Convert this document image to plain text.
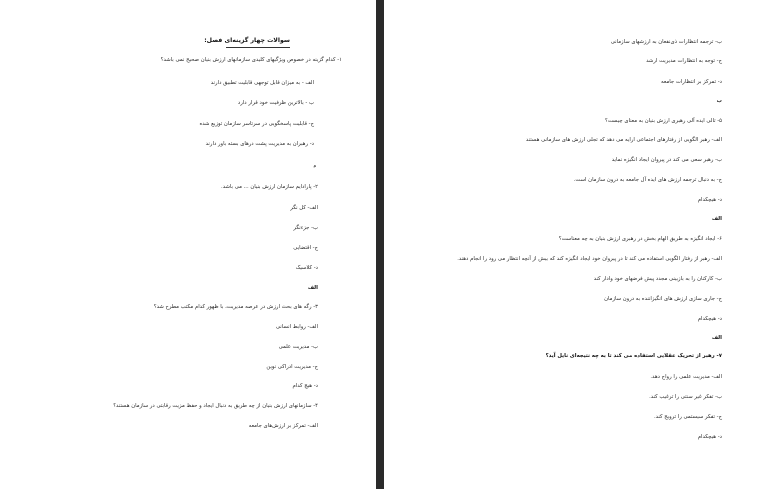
سوالات چهار گزینه‌ای فصل:
۱- کدام گزینه در خصوص ویژگیهای کلیدی سازمانهای ارزش بنیان صحیح نمی باشد؟
الف - به میزان قابل توجهی قابلیت تطبیق دارند
ب - بالاترین ظرفیت خود قرار دارد
ج- قابلیت پاسخگویی در سرتاسر سازمان توزیع شده
د- رهبران به مدیریت پشت درهای بسته باور دارند
د
۲- پارادایم سازمان ارزش بنیان ... می باشد.
الف- کل نگر
ب- جزءنگر
ج- اقتضایی
د- کلاسیک
الف
۳- رگه های بحث ارزش در عرصه مدیریت، با ظهور کدام مکتب مطرح شد؟
الف- روابط انسانی
ب- مدیریت علمی
ج- مدیریت ادراکی نوین
د- هیچ کدام
۴- سازمانهای ارزش بنیان از چه طریق به دنبال ایجاد و حفظ مزیت رقابتی در سازمان هستند؟
الف- تمرکز بر ارزش‌های جامعه
ب- ترجمه انتظارات ذی‌نفعان به ارزشهای سازمانی
ج- توجه به انتظارات مدیریت ارشد
د- تمرکز بر انتظارات جامعه
ب
۵- تالی ایده آلی رهبری ارزش بنیان به معنای چیست؟
الف- رهبر الگویی از رفتارهای اجتماعی ارایه می دهد که تجلی ارزش های سازمانی هستند
ب- رهبر سعی می کند در پیروان ایجاد انگیزه نماید
ج- به دنبال ترجمه ارزش های ایده آل جامعه به درون سازمان است.
د- هیچکدام
الف
۶- ایجاد انگیزه به طریق الهام بخش در رهبری ارزش بنیان به چه معناست؟
الف- رهبر از رفتار الگویی استفاده می کند تا در پیروان خود ایجاد انگیزه کند که بیش از آنچه انتظار می رود را انجام دهند.
ب- کارکنان را به بازبینی مجدد پیش فرضهای خود وادار کند
ج- جاری سازی ارزش های انگیزاننده به درون سازمان
د- هیچکدام
الف
۷- رهبر از تحریک عقلایی استفاده می کند تا به چه نتیجه‌ای نایل آید؟
الف- مدیریت علمی را رواج دهد.
ب- تفکر غیر سنتی را ترغیب کند.
ج- تفکر سیستمی را ترویج کند.
د- هیچکدام
